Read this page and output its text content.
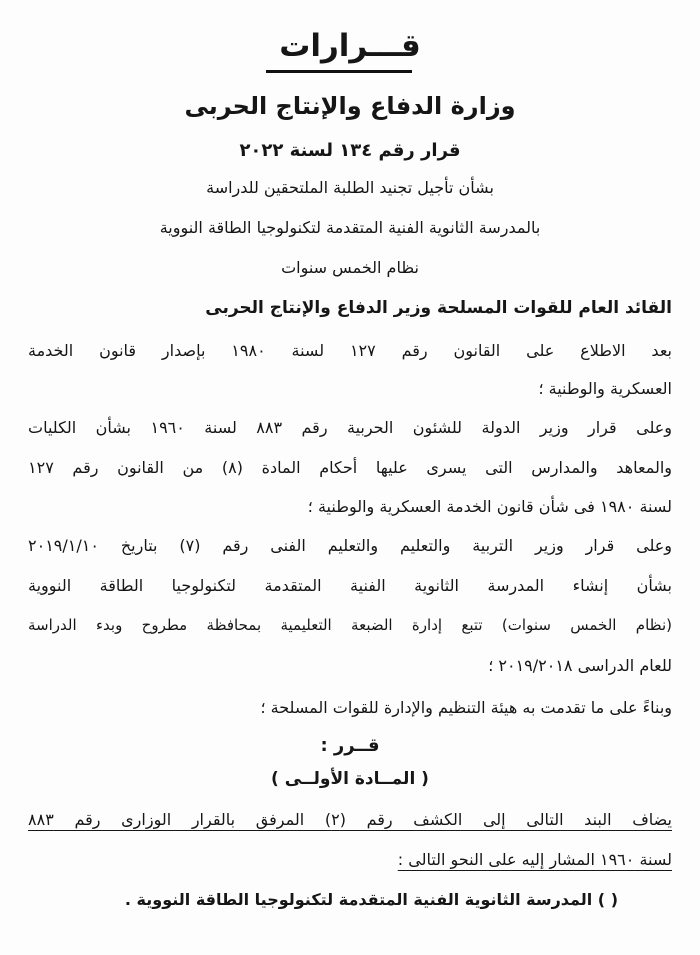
قـــرارات
وزارة الدفاع والإنتاج الحربى
قرار رقم ١٣٤ لسنة ٢٠٢٢
بشأن تأجيل تجنيد الطلبة الملتحقين للدراسة
بالمدرسة الثانوية الفنية المتقدمة لتكنولوجيا الطاقة النووية
نظام الخمس سنوات
القائد العام للقوات المسلحة وزير الدفاع والإنتاج الحربى
بعد الاطلاع على القانون رقم ١٢٧ لسنة ١٩٨٠ بإصدار قانون الخدمة
العسكرية والوطنية ؛
وعلى قرار وزير الدولة للشئون الحربية رقم ٨٨٣ لسنة ١٩٦٠ بشأن الكليات
والمعاهد والمدارس التى يسرى عليها أحكام المادة (٨) من القانون رقم ١٢٧
لسنة ١٩٨٠ فى شأن قانون الخدمة العسكرية والوطنية ؛
وعلى قرار وزير التربية والتعليم والتعليم الفنى رقم (٧) بتاريخ ٢٠١٩/١/١٠
بشأن إنشاء المدرسة الثانوية الفنية المتقدمة لتكنولوجيا الطاقة النووية
(نظام الخمس سنوات) تتبع إدارة الضبعة التعليمية بمحافظة مطروح وبدء الدراسة
للعام الدراسى ٢٠١٩/٢٠١٨ ؛
وبناءً على ما تقدمت به هيئة التنظيم والإدارة للقوات المسلحة ؛
قــرر :
( المــادة الأولــى )
يضاف البند التالى إلى الكشف رقم (٢) المرفق بالقرار الوزارى رقم ٨٨٣
لسنة ١٩٦٠ المشار إليه على النحو التالى :
( ) المدرسة الثانوية الفنية المتقدمة لتكنولوجيا الطاقة النووية .
